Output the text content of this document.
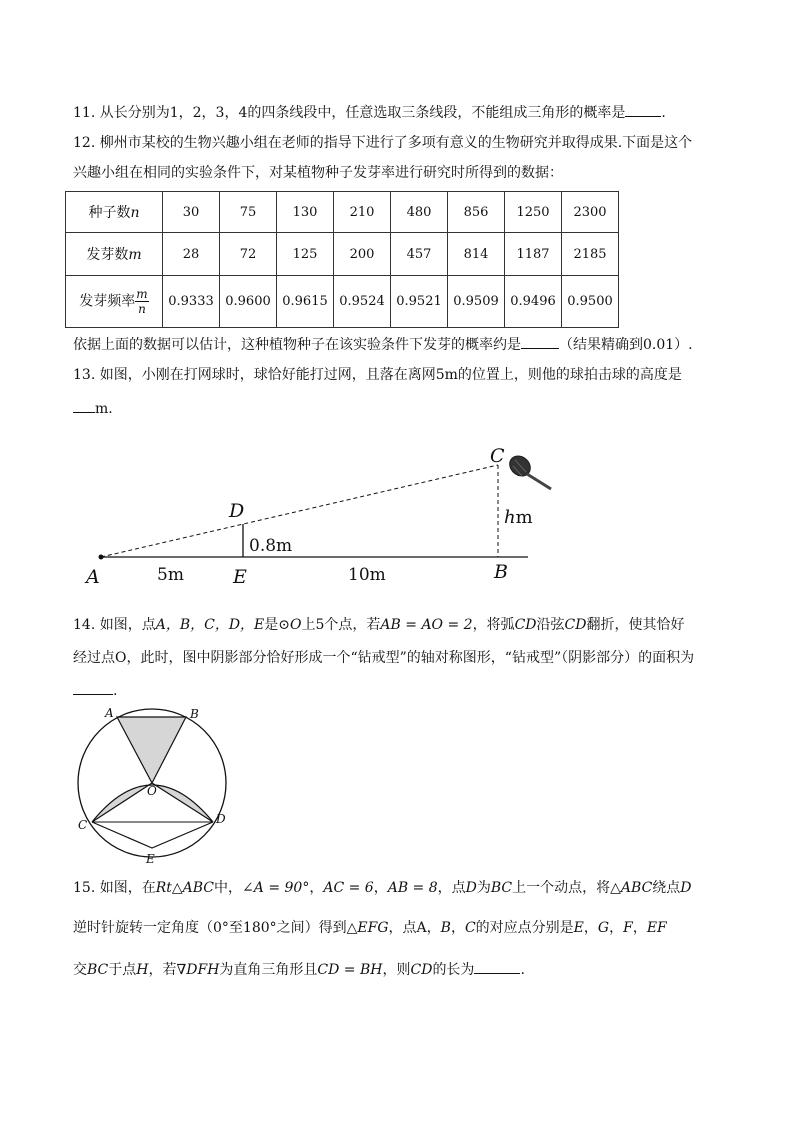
11. 从长分别为1，2，3，4的四条线段中，任意选取三条线段，不能组成三角形的概率是	.
12. 柳州市某校的生物兴趣小组在老师的指导下进行了多项有意义的生物研究并取得成果.下面是这个
兴趣小组在相同的实验条件下，对某植物种子发芽率进行研究时所得到的数据：
种子数n	30	75	130	210	480	856	1250	2300
发芽数m	28	72	125	200	457	814	1187	2185
发芽频率 $\frac{m}{n}$	0.9333	0.9600	0.9615	0.9524	0.9521	0.9509	0.9496	0.9500
依据上面的数据可以估计，这种植物种子在该实验条件下发芽的概率约是	（结果精确到0.01）.
13. 如图，小刚在打网球时，球恰好能打过网，且落在离网5m的位置上，则他的球拍击球的高度是
m.
A	E	B
D
C
5m	10m
0.8m
hm
14. 如图，点A，B，C，D，E是⊙O上5个点，若AB = AO = 2，将弧CD沿弦CD翻折，使其恰好
经过点O，此时，图中阴影部分恰好形成一个“钻戒型”的轴对称图形，“钻戒型”（阴影部分）的面积为
.
A	B
O
C	D
E
15. 如图，在Rt△ABC中，∠A = 90°，AC = 6，AB = 8，点D为BC上一个动点，将△ABC绕点D
逆时针旋转一定角度（0°至180°之间）得到△EFG，点A，B，C的对应点分别是E，G，F，EF
交BC于点H，若∇DFH为直角三角形且CD = BH，则CD的长为	.
